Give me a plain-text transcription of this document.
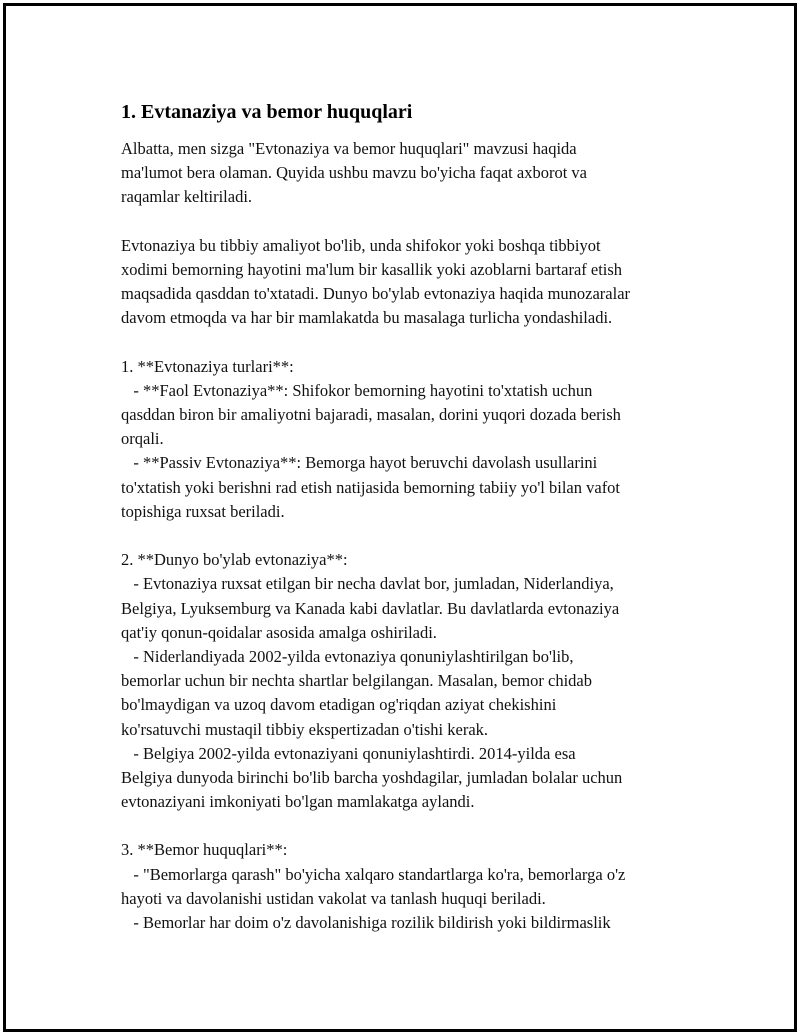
1. Evtanaziya va bemor huquqlari
Albatta, men sizga "Evtonaziya va bemor huquqlari" mavzusi haqida
ma'lumot bera olaman. Quyida ushbu mavzu bo'yicha faqat axborot va
raqamlar keltiriladi.

Evtonaziya bu tibbiy amaliyot bo'lib, unda shifokor yoki boshqa tibbiyot
xodimi bemorning hayotini ma'lum bir kasallik yoki azoblarni bartaraf etish
maqsadida qasddan to'xtatadi. Dunyo bo'ylab evtonaziya haqida munozaralar
davom etmoqda va har bir mamlakatda bu masalaga turlicha yondashiladi.

1. **Evtonaziya turlari**:
- **Faol Evtonaziya**: Shifokor bemorning hayotini to'xtatish uchun
qasddan biron bir amaliyotni bajaradi, masalan, dorini yuqori dozada berish
orqali.
- **Passiv Evtonaziya**: Bemorga hayot beruvchi davolash usullarini
to'xtatish yoki berishni rad etish natijasida bemorning tabiiy yo'l bilan vafot
topishiga ruxsat beriladi.

2. **Dunyo bo'ylab evtonaziya**:
- Evtonaziya ruxsat etilgan bir necha davlat bor, jumladan, Niderlandiya,
Belgiya, Lyuksemburg va Kanada kabi davlatlar. Bu davlatlarda evtonaziya
qat'iy qonun-qoidalar asosida amalga oshiriladi.
- Niderlandiyada 2002-yilda evtonaziya qonuniylashtirilgan bo'lib,
bemorlar uchun bir nechta shartlar belgilangan. Masalan, bemor chidab
bo'lmaydigan va uzoq davom etadigan og'riqdan aziyat chekishini
ko'rsatuvchi mustaqil tibbiy ekspertizadan o'tishi kerak.
- Belgiya 2002-yilda evtonaziyani qonuniylashtirdi. 2014-yilda esa
Belgiya dunyoda birinchi bo'lib barcha yoshdagilar, jumladan bolalar uchun
evtonaziyani imkoniyati bo'lgan mamlakatga aylandi.

3. **Bemor huquqlari**:
- "Bemorlarga qarash" bo'yicha xalqaro standartlarga ko'ra, bemorlarga o'z
hayoti va davolanishi ustidan vakolat va tanlash huquqi beriladi.
- Bemorlar har doim o'z davolanishiga rozilik bildirish yoki bildirmaslik
